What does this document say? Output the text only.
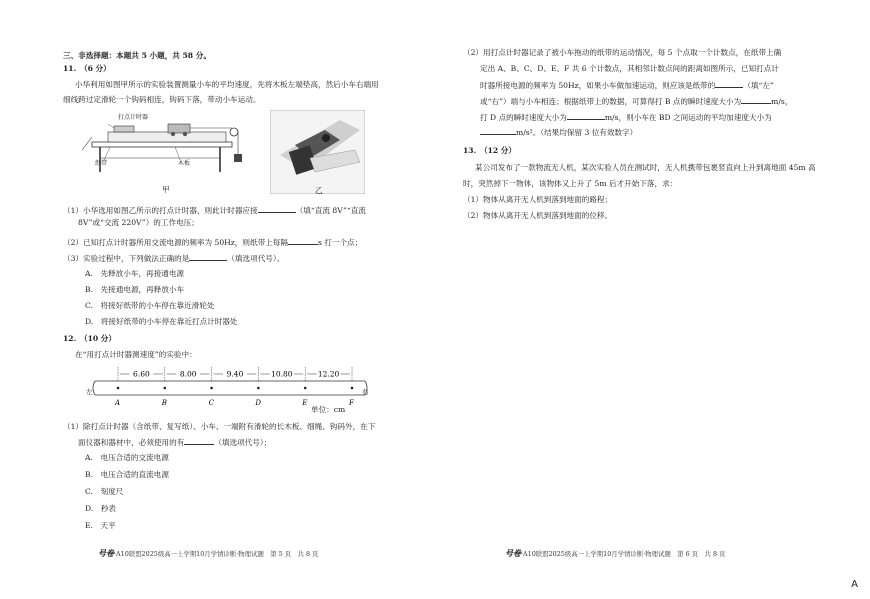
三、非选择题：本题共 5 小题，共 58 分。
11.　（6 分）
小华利用如图甲所示的实验装置测量小车的平均速度，先将木板左端垫高，然后小车右端用
细线跨过定滑轮一个钩码相连，钩码下落，带动小车运动。
打点计时器
纸带	木板
甲	乙
（1）小华选用如图乙所示的打点计时器，则此计时器应接	（填“直流 8V”“直流
8V”或“交流 220V”）的工作电压；
（2）已知打点计时器所用交流电源的频率为 50Hz，则纸带上每隔	s 打一个点；
（3）实验过程中，下列做法正确的是	（填选项代号）。
A.　先释放小车，再接通电源
B.　先接通电源，再释放小车
C.　将接好纸带的小车停在靠近滑轮处
D.　将接好纸带的小车停在靠近打点计时器处
12.　（10 分）
在“用打点计时器测速度”的实验中：
A	B	C	D	E	F
6.60	8.00	9.40	10.80	12.20
左	右
单位：cm
（1）除打点计时器（含纸带、复写纸）、小车、一端附有滑轮的长木板、细绳、钩码外，在下
面仪器和器材中，必须使用的有	（填选项代号）；
A.　电压合适的交流电源
B.　电压合适的直流电源
C.　刻度尺
D.　秒表
E.　天平
号卷·A10联盟2025级高一上学期10月学情诊断·物理试题　第 5 页　共 8 页
（2）用打点计时器记录了被小车拖动的纸带的运动情况，每 5 个点取一个计数点，在纸带上确
定出 A、B、C、D、E、F 共 6 个计数点，其相邻计数点间的距离如图所示，已知打点计
时器所接电源的频率为 50Hz，如果小车做加速运动，则应该是纸带的	（填“左”
或“右”）端与小车相连；根据纸带上的数据，可算得打 B 点的瞬时速度大小为	m/s，
打 D 点的瞬时速度大小为	m/s，则小车在 BD 之间运动的平均加速度大小为
m/s²。（结果均保留 3 位有效数字）
13.　（12 分）
某公司发布了一款物流无人机，某次实验人员在测试时，无人机携带包裹竖直向上升到离地面 45m 高
时，突然掉下一物体，该物体又上升了 5m 后才开始下落，求：
（1）物体从离开无人机到落到地面的路程；
（2）物体从离开无人机到落到地面的位移。
号卷·A10联盟2025级高一上学期10月学情诊断·物理试题　第 6 页　共 8 页
A
